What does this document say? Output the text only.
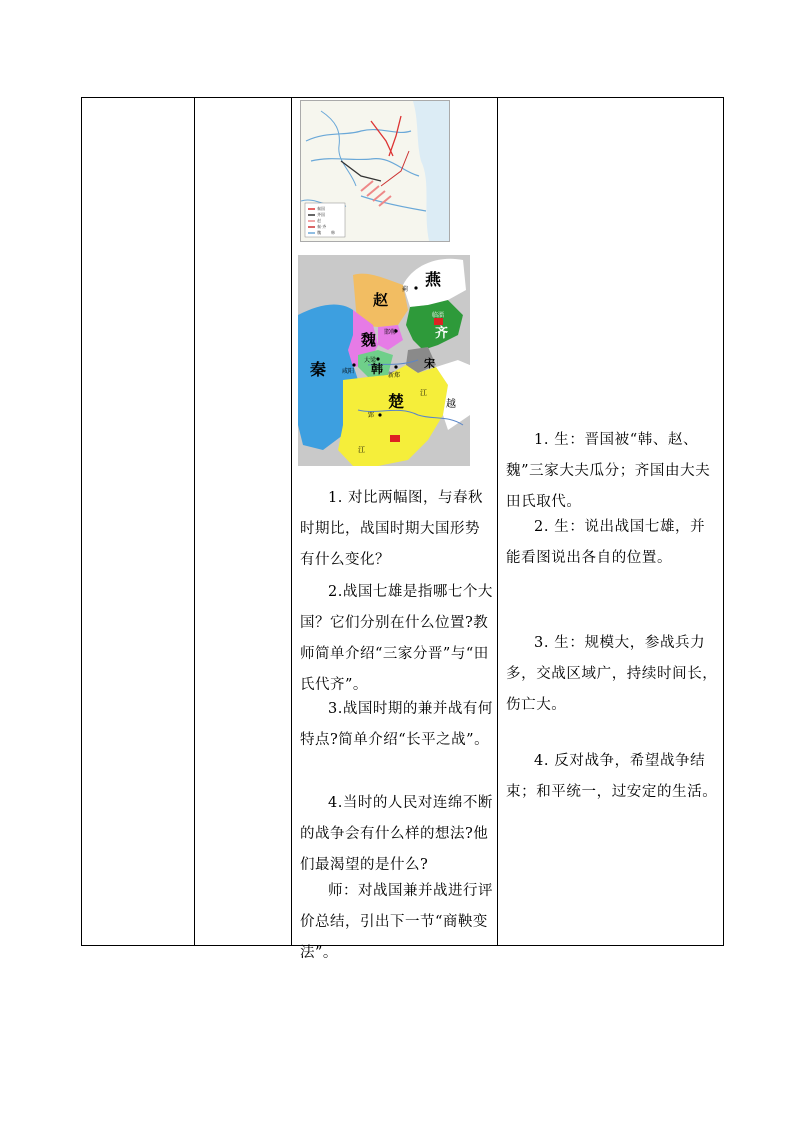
秦国
齐国
赵
秦·齐
魏	韩
燕
赵
魏
秦	韩
齐
宋
楚	越
蓟
邯郸
大梁
新郑
咸阳
郢
临淄
江
江

1. 对比两幅图，与春秋时期比，战国时期大国形势有什么变化？

2.战国七雄是指哪七个大国？它们分别在什么位置?教师简单介绍“三家分晋”与“田氏代齐”。

3.战国时期的兼并战有何特点?简单介绍“长平之战”。

4.当时的人民对连绵不断的战争会有什么样的想法?他们最渴望的是什么?

师：对战国兼并战进行评价总结，引出下一节“商鞅变法”。

1. 生：晋国被“韩、赵、魏”三家大夫瓜分；齐国由大夫田氏取代。

2. 生：说出战国七雄，并能看图说出各自的位置。

3. 生：规模大，参战兵力多，交战区域广，持续时间长，伤亡大。

4. 反对战争，希望战争结束；和平统一，过安定的生活。
